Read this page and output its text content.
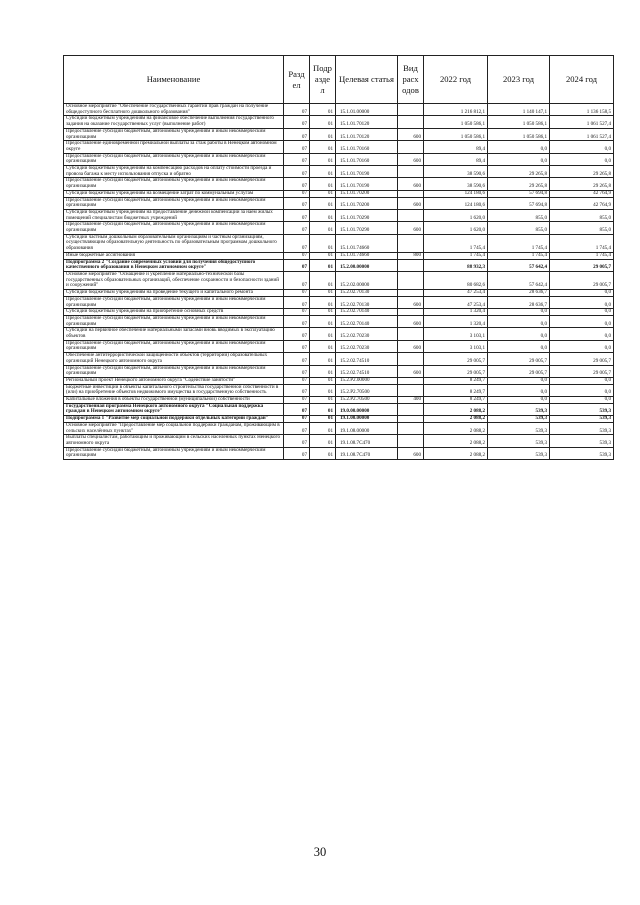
Наименование	Разд ел	Подр азде л	Целевая статья	Вид расх одов	2022 год	2023 год	2024 год
Основное мероприятие "Обеспечение государственных гарантий прав граждан на получение общедоступного бесплатного дошкольного образования"	07	01	15.1.01.00000		1 216 812,1	1 140 147,1	1 136 158,5
Субсидии бюджетным учреждениям на финансовое обеспечение выполнения государственного задания на оказание государственных услуг (выполнение работ)	07	01	15.1.01.70120		1 050 586,1	1 050 586,1	1 061 527,4
Предоставление субсидий бюджетным, автономным учреждениям и иным некоммерческим организациям	07	01	15.1.01.70120	600	1 050 586,1	1 050 586,1	1 061 527,4
Предоставление единовременной премиальной выплаты за стаж работы в Ненецком автономном округе	07	01	15.1.01.70160		89,4	0,0	0,0
Предоставление субсидий бюджетным, автономным учреждениям и иным некоммерческим организациям	07	01	15.1.01.70160	600	89,4	0,0	0,0
Субсидии бюджетным учреждениям на компенсацию расходов на оплату стоимости проезда и провоза багажа к месту использования отпуска и обратно	07	01	15.1.01.70190		38 590,6	29 265,8	29 265,8
Предоставление субсидий бюджетным, автономным учреждениям и иным некоммерческим организациям	07	01	15.1.01.70190	600	38 590,6	29 265,8	29 265,8
Субсидии бюджетным учреждениям на возмещение затрат по коммунальным услугам	07	01	15.1.01.70200		124 180,6	57 694,8	42 764,9
Предоставление субсидий бюджетным, автономным учреждениям и иным некоммерческим организациям	07	01	15.1.01.70200	600	124 180,6	57 694,8	42 764,9
Субсидии бюджетным учреждениям на предоставление денежной компенсации за наём жилых помещений специалистам бюджетных учреждений	07	01	15.1.01.70290		1 620,0	855,0	855,0
Предоставление субсидий бюджетным, автономным учреждениям и иным некоммерческим организациям	07	01	15.1.01.70290	600	1 620,0	855,0	855,0
Субсидии частным дошкольным образовательным организациям и частным организациям, осуществляющим образовательную деятельность по образовательным программам дошкольного образования	07	01	15.1.01.74660		1 745,4	1 745,4	1 745,4
Иные бюджетные ассигнования	07	01	15.1.01.74660	800	1 745,4	1 745,4	1 745,4
Подпрограмма 2 "Создание современных условий для получения общедоступного качественного образования в Ненецком автономном округе"	07	01	15.2.00.00000		88 932,3	57 642,4	29 005,7
Основное мероприятие "Оснащение и укрепление материально-технической базы государственных образовательных организаций, обеспечение сохранности и безопасности зданий и сооружений"	07	01	15.2.02.00000		80 682,6	57 642,4	29 005,7
Субсидии бюджетным учреждениям на проведение текущего и капитального ремонта	07	01	15.2.02.70130		47 253,4	28 636,7	0,0
Предоставление субсидий бюджетным, автономным учреждениям и иным некоммерческим организациям	07	01	15.2.02.70130	600	47 253,4	28 636,7	0,0
Субсидии бюджетным учреждениям на приобретение основных средств	07	01	15.2.02.70140		1 320,4	0,0	0,0
Предоставление субсидий бюджетным, автономным учреждениям и иным некоммерческим организациям	07	01	15.2.02.70140	600	1 320,4	0,0	0,0
Субсидии на первичное обеспечение материальными запасами вновь вводимых в эксплуатацию объектов	07	01	15.2.02.70230		3 103,1	0,0	0,0
Предоставление субсидий бюджетным, автономным учреждениям и иным некоммерческим организациям	07	01	15.2.02.70230	600	3 103,1	0,0	0,0
Обеспечение антитеррористической защищённости объектов (территорий) образовательных организаций Ненецкого автономного округа	07	01	15.2.02.74510		29 005,7	29 005,7	29 005,7
Предоставление субсидий бюджетным, автономным учреждениям и иным некоммерческим организациям	07	01	15.2.02.74510	600	29 005,7	29 005,7	29 005,7
Региональный проект Ненецкого автономного округа "Содействие занятости"	07	01	15.2.P2.00000		8 249,7	0,0	0,0
Бюджетные инвестиции в объекты капитального строительства государственной собственности в (или) на приобретение объектов недвижимого имущества в государственную собственность	07	01	15.2.P2.70500		8 249,7	0,0	0,0
Капитальные вложения в объекты государственной (муниципальной) собственности	07	01	15.2.P2.70500	400	8 249,7	0,0	0,0
Государственная программа Ненецкого автономного округа "Социальная поддержка граждан в Ненецком автономном округе"	07	01	19.0.00.00000		2 088,2	539,3	539,3
Подпрограмма 1 "Развитие мер социальной поддержки отдельных категорий граждан"	07	01	19.1.00.00000		2 088,2	539,3	539,3
Основное мероприятие "Предоставление мер социальной поддержки гражданам, проживающим в сельских населённых пунктах"	07	01	19.1.08.00000		2 088,2	539,3	539,3
Выплаты специалистам, работающим и проживающим в сельских населённых пунктах Ненецкого автономного округа	07	01	19.1.08.7C470		2 088,2	539,3	539,3
Предоставление субсидий бюджетным, автономным учреждениям и иным некоммерческим организациям	07	01	19.1.08.7C470	600	2 088,2	539,3	539,3
30
